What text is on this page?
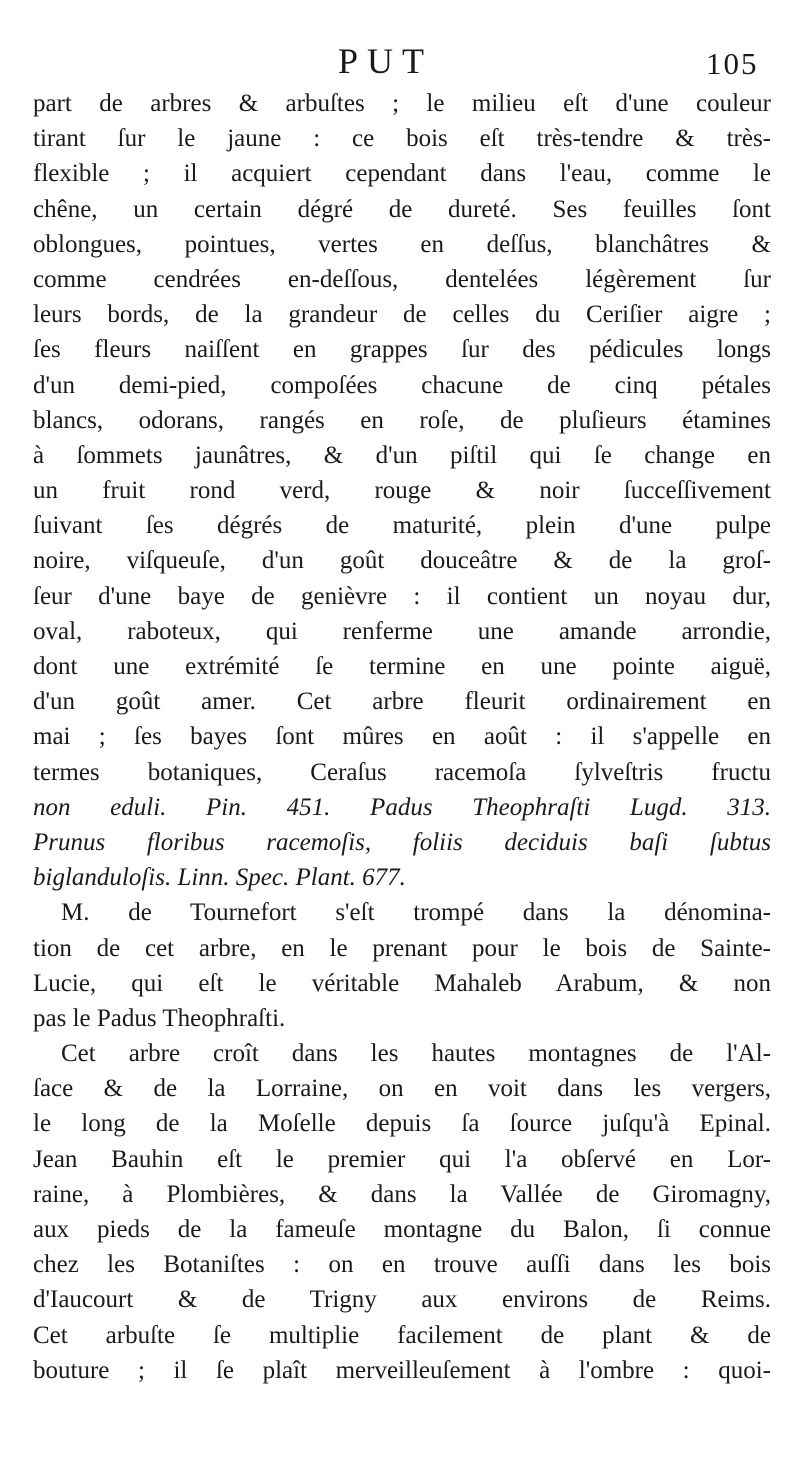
PUT	105
part de arbres & arbuſtes ; le milieu eſt d'une couleur
tirant ſur le jaune : ce bois eſt très-tendre & très-
flexible ; il acquiert cependant dans l'eau, comme le
chêne, un certain dégré de dureté. Ses feuilles ſont
oblongues, pointues, vertes en deſſus, blanchâtres &
comme cendrées en-deſſous, dentelées légèrement ſur
leurs bords, de la grandeur de celles du Ceriſier aigre ;
ſes fleurs naiſſent en grappes ſur des pédicules longs
d'un demi-pied, compoſées chacune de cinq pétales
blancs, odorans, rangés en roſe, de pluſieurs étamines
à ſommets jaunâtres, & d'un piſtil qui ſe change en
un fruit rond verd, rouge & noir ſucceſſivement
ſuivant ſes dégrés de maturité, plein d'une pulpe
noire, viſqueuſe, d'un goût douceâtre & de la groſ-
ſeur d'une baye de genièvre : il contient un noyau dur,
oval, raboteux, qui renferme une amande arrondie,
dont une extrémité ſe termine en une pointe aiguë,
d'un goût amer. Cet arbre fleurit ordinairement en
mai ; ſes bayes ſont mûres en août : il s'appelle en
termes botaniques, Ceraſus racemoſa ſylveſtris fructu
non eduli. Pin. 451. Padus Theophraſti Lugd. 313.
Prunus floribus racemoſis, foliis deciduis baſi ſubtus
biglanduloſis. Linn. Spec. Plant. 677.
M. de Tournefort s'eſt trompé dans la dénomina-
tion de cet arbre, en le prenant pour le bois de Sainte-
Lucie, qui eſt le véritable Mahaleb Arabum, & non
pas le Padus Theophraſti.
Cet arbre croît dans les hautes montagnes de l'Al-
ſace & de la Lorraine, on en voit dans les vergers,
le long de la Moſelle depuis ſa ſource juſqu'à Epinal.
Jean Bauhin eſt le premier qui l'a obſervé en Lor-
raine, à Plombières, & dans la Vallée de Giromagny,
aux pieds de la fameuſe montagne du Balon, ſi connue
chez les Botaniſtes : on en trouve auſſi dans les bois
d'Iaucourt & de Trigny aux environs de Reims.
Cet arbuſte ſe multiplie facilement de plant & de
bouture ; il ſe plaît merveilleuſement à l'ombre : quoi-
